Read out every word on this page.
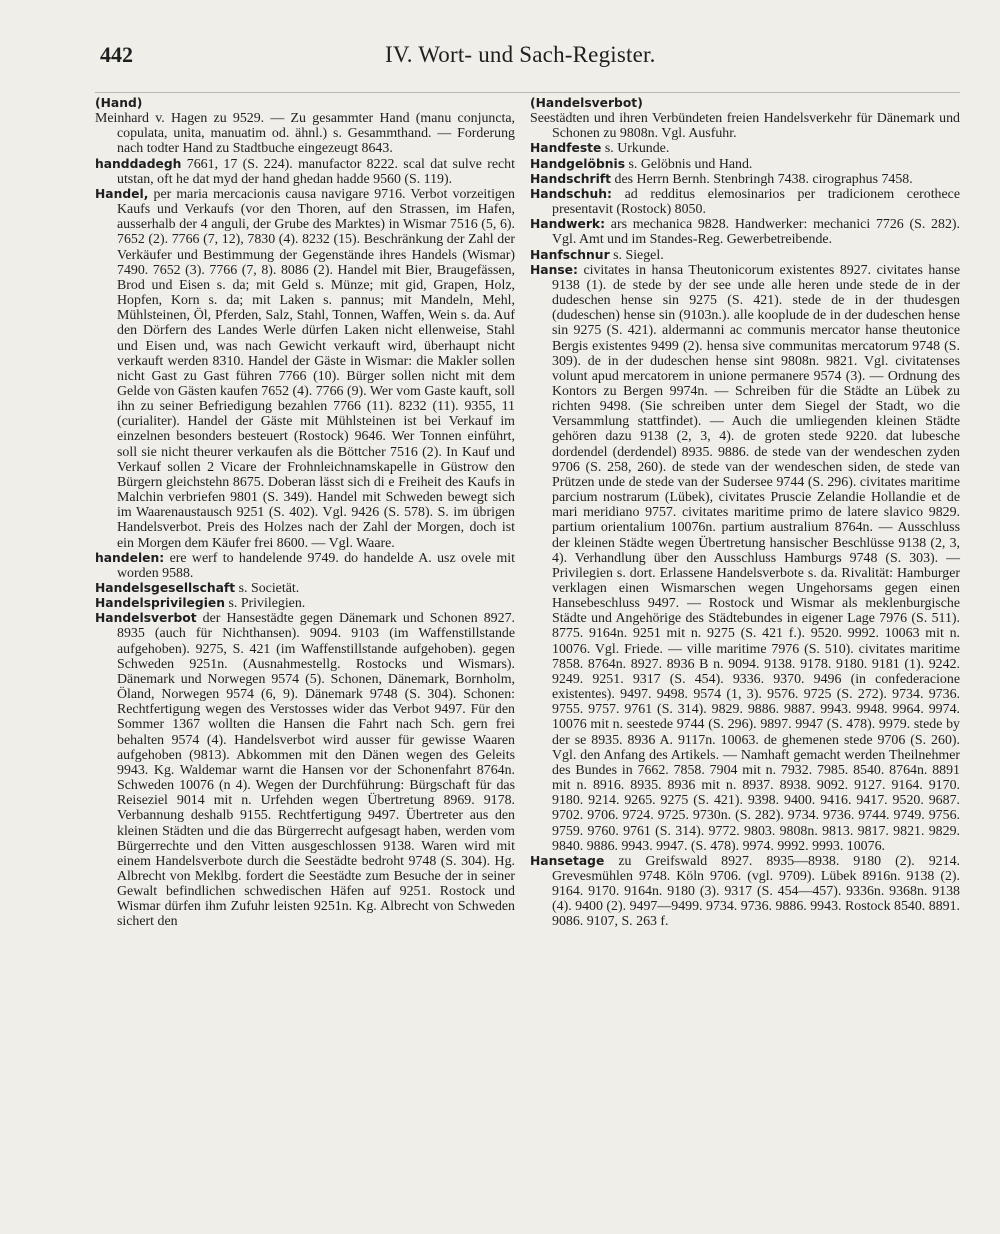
442	IV. Wort- und Sach-Register.

(Hand)

Meinhard v. Hagen zu 9529. — Zu gesammter Hand (manu conjuncta, copulata, unita, manuatim od. ähnl.) s. Gesammthand. — Forderung nach todter Hand zu Stadtbuche eingezeugt 8643.

handdadegh 7661, 17 (S. 224). manufactor 8222. scal dat sulve recht utstan, oft he dat myd der hand ghedan hadde 9560 (S. 119).

Handel, per maria mercacionis causa navigare 9716. Verbot vorzeitigen Kaufs und Verkaufs (vor den Thoren, auf den Strassen, im Hafen, ausserhalb der 4 anguli, der Grube des Marktes) in Wismar 7516 (5, 6). 7652 (2). 7766 (7, 12), 7830 (4). 8232 (15). Beschränkung der Zahl der Verkäufer und Bestimmung der Gegenstände ihres Handels (Wismar) 7490. 7652 (3). 7766 (7, 8). 8086 (2). Handel mit Bier, Braugefässen, Brod und Eisen s. da; mit Geld s. Münze; mit gid, Grapen, Holz, Hopfen, Korn s. da; mit Laken s. pannus; mit Mandeln, Mehl, Mühlsteinen, Öl, Pferden, Salz, Stahl, Tonnen, Waffen, Wein s. da. Auf den Dörfern des Landes Werle dürfen Laken nicht ellenweise, Stahl und Eisen und, was nach Gewicht verkauft wird, überhaupt nicht verkauft werden 8310. Handel der Gäste in Wismar: die Makler sollen nicht Gast zu Gast führen 7766 (10). Bürger sollen nicht mit dem Gelde von Gästen kaufen 7652 (4). 7766 (9). Wer vom Gaste kauft, soll ihn zu seiner Befriedigung bezahlen 7766 (11). 8232 (11). 9355, 11 (curialiter). Handel der Gäste mit Mühlsteinen ist bei Verkauf im einzelnen besonders besteuert (Rostock) 9646. Wer Tonnen einführt, soll sie nicht theurer verkaufen als die Böttcher 7516 (2). In Kauf und Verkauf sollen 2 Vicare der Frohnleichnamskapelle in Güstrow den Bürgern gleichstehn 8675. Doberan lässt sich di e Freiheit des Kaufs in Malchin verbriefen 9801 (S. 349). Handel mit Schweden bewegt sich im Waarenaustausch 9251 (S. 402). Vgl. 9426 (S. 578). S. im übrigen Handelsverbot. Preis des Holzes nach der Zahl der Morgen, doch ist ein Morgen dem Käufer frei 8600. — Vgl. Waare.

handelen: ere werf to handelende 9749. do handelde A. usz ovele mit worden 9588.

Handelsgesellschaft s. Societät.

Handelsprivilegien s. Privilegien.

Handelsverbot der Hansestädte gegen Dänemark und Schonen 8927. 8935 (auch für Nichthansen). 9094. 9103 (im Waffenstillstande aufgehoben). 9275, S. 421 (im Waffenstillstande aufgehoben). gegen Schweden 9251n. (Ausnahmestellg. Rostocks und Wismars). Dänemark und Norwegen 9574 (5). Schonen, Dänemark, Bornholm, Öland, Norwegen 9574 (6, 9). Dänemark 9748 (S. 304). Schonen: Rechtfertigung wegen des Verstosses wider das Verbot 9497. Für den Sommer 1367 wollten die Hansen die Fahrt nach Sch. gern frei behalten 9574 (4). Handelsverbot wird ausser für gewisse Waaren aufgehoben (9813). Abkommen mit den Dänen wegen des Geleits 9943. Kg. Waldemar warnt die Hansen vor der Schonenfahrt 8764n. Schweden 10076 (n 4). Wegen der Durchführung: Bürgschaft für das Reiseziel 9014 mit n. Urfehden wegen Übertretung 8969. 9178. Verbannung deshalb 9155. Rechtfertigung 9497. Übertreter aus den kleinen Städten und die das Bürgerrecht aufgesagt haben, werden vom Bürgerrechte und den Vitten ausgeschlossen 9138. Waren wird mit einem Handelsverbote durch die Seestädte bedroht 9748 (S. 304). Hg. Albrecht von Meklbg. fordert die Seestädte zum Besuche der in seiner Gewalt befindlichen schwedischen Häfen auf 9251. Rostock und Wismar dürfen ihm Zufuhr leisten 9251n. Kg. Albrecht von Schweden sichert den

(Handelsverbot)

Seestädten und ihren Verbündeten freien Handelsverkehr für Dänemark und Schonen zu 9808n. Vgl. Ausfuhr.

Handfeste s. Urkunde.

Handgelöbnis s. Gelöbnis und Hand.

Handschrift des Herrn Bernh. Stenbringh 7438. cirographus 7458.

Handschuh: ad redditus elemosinarios per tradicionem cerothece presentavit (Rostock) 8050.

Handwerk: ars mechanica 9828. Handwerker: mechanici 7726 (S. 282). Vgl. Amt und im Standes-Reg. Gewerbetreibende.

Hanfschnur s. Siegel.

Hanse: civitates in hansa Theutonicorum existentes 8927. civitates hanse 9138 (1). de stede by der see unde alle heren unde stede de in der dudeschen hense sin 9275 (S. 421). stede de in der thudesgen (dudeschen) hense sin (9103n.). alle kooplude de in der dudeschen hense sin 9275 (S. 421). aldermanni ac communis mercator hanse theutonice Bergis existentes 9499 (2). hensa sive communitas mercatorum 9748 (S. 309). de in der dudeschen hense sint 9808n. 9821. Vgl. civitatenses volunt apud mercatorem in unione permanere 9574 (3). — Ordnung des Kontors zu Bergen 9974n. — Schreiben für die Städte an Lübek zu richten 9498. (Sie schreiben unter dem Siegel der Stadt, wo die Versammlung stattfindet). — Auch die umliegenden kleinen Städte gehören dazu 9138 (2, 3, 4). de groten stede 9220. dat lubesche dordendel (derdendel) 8935. 9886. de stede van der wendeschen zyden 9706 (S. 258, 260). de stede van der wendeschen siden, de stede van Prützen unde de stede van der Sudersee 9744 (S. 296). civitates maritime parcium nostrarum (Lübek), civitates Pruscie Zelandie Hollandie et de mari meridiano 9757. civitates maritime primo de latere slavico 9829. partium orientalium 10076n. partium australium 8764n. — Ausschluss der kleinen Städte wegen Übertretung hansischer Beschlüsse 9138 (2, 3, 4). Verhandlung über den Ausschluss Hamburgs 9748 (S. 303). — Privilegien s. dort. Erlassene Handelsverbote s. da. Rivalität: Hamburger verklagen einen Wismarschen wegen Ungehorsams gegen einen Hansebeschluss 9497. — Rostock und Wismar als meklenburgische Städte und Angehörige des Städtebundes in eigener Lage 7976 (S. 511). 8775. 9164n. 9251 mit n. 9275 (S. 421 f.). 9520. 9992. 10063 mit n. 10076. Vgl. Friede. — ville maritime 7976 (S. 510). civitates maritime 7858. 8764n. 8927. 8936 B n. 9094. 9138. 9178. 9180. 9181 (1). 9242. 9249. 9251. 9317 (S. 454). 9336. 9370. 9496 (in confederacione existentes). 9497. 9498. 9574 (1, 3). 9576. 9725 (S. 272). 9734. 9736. 9755. 9757. 9761 (S. 314). 9829. 9886. 9887. 9943. 9948. 9964. 9974. 10076 mit n. seestede 9744 (S. 296). 9897. 9947 (S. 478). 9979. stede by der se 8935. 8936 A. 9117n. 10063. de ghemenen stede 9706 (S. 260). Vgl. den Anfang des Artikels. — Namhaft gemacht werden Theilnehmer des Bundes in 7662. 7858. 7904 mit n. 7932. 7985. 8540. 8764n. 8891 mit n. 8916. 8935. 8936 mit n. 8937. 8938. 9092. 9127. 9164. 9170. 9180. 9214. 9265. 9275 (S. 421). 9398. 9400. 9416. 9417. 9520. 9687. 9702. 9706. 9724. 9725. 9730n. (S. 282). 9734. 9736. 9744. 9749. 9756. 9759. 9760. 9761 (S. 314). 9772. 9803. 9808n. 9813. 9817. 9821. 9829. 9840. 9886. 9943. 9947. (S. 478). 9974. 9992. 9993. 10076.

Hansetage zu Greifswald 8927. 8935—8938. 9180 (2). 9214. Grevesmühlen 9748. Köln 9706. (vgl. 9709). Lübek 8916n. 9138 (2). 9164. 9170. 9164n. 9180 (3). 9317 (S. 454—457). 9336n. 9368n. 9138 (4). 9400 (2). 9497—9499. 9734. 9736. 9886. 9943. Rostock 8540. 8891. 9086. 9107, S. 263 f.
